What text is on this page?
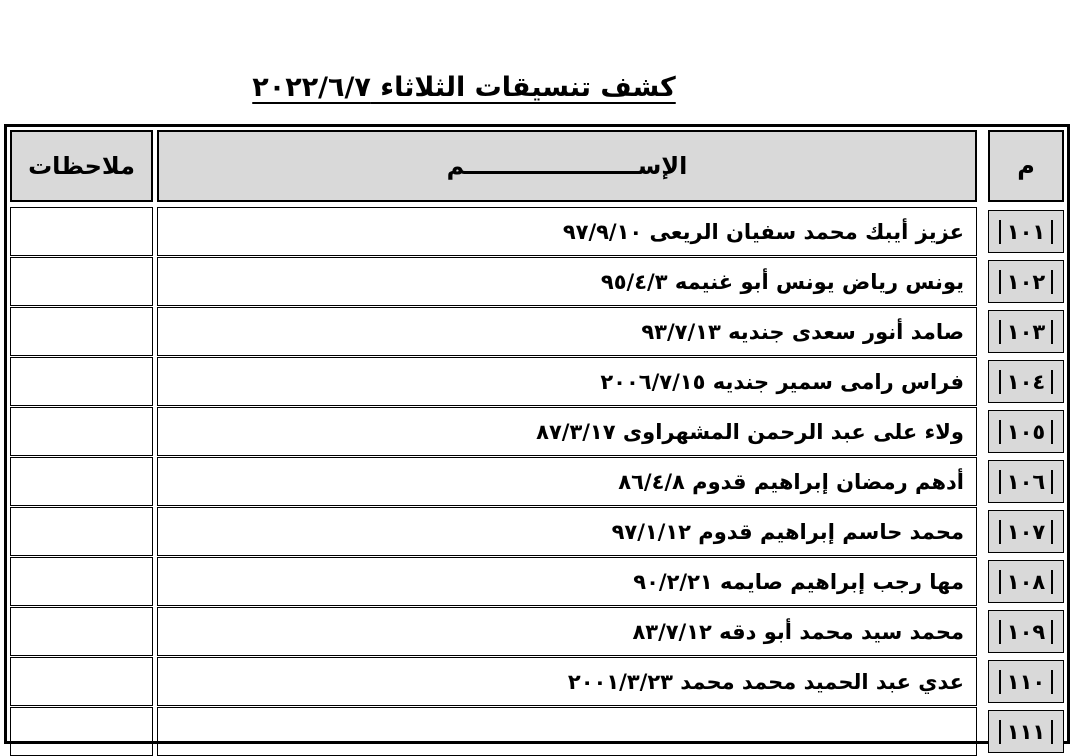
كشف تنسيقات الثلاثاء ٢٠٢٢/٦/٧
م
الإســـــــــــــــــــــم
ملاحظات
١٠١
عزيز أيبك محمد سفيان الريعى ٩٧/٩/١٠
١٠٢
يونس رياض يونس أبو غنيمه ٩٥/٤/٣
١٠٣
صامد أنور سعدى جنديه ٩٣/٧/١٣
١٠٤
فراس رامى سمير جنديه ٢٠٠٦/٧/١٥
١٠٥
ولاء على عبد الرحمن المشهراوى ٨٧/٣/١٧
١٠٦
أدهم رمضان إبراهيم قدوم ٨٦/٤/٨
١٠٧
محمد حاسم إبراهيم قدوم ٩٧/١/١٢
١٠٨
مها رجب إبراهيم صايمه ٩٠/٢/٢١
١٠٩
محمد سيد محمد أبو دقه ٨٣/٧/١٢
١١٠
عدي عبد الحميد محمد محمد ٢٠٠١/٣/٢٣
١١١
